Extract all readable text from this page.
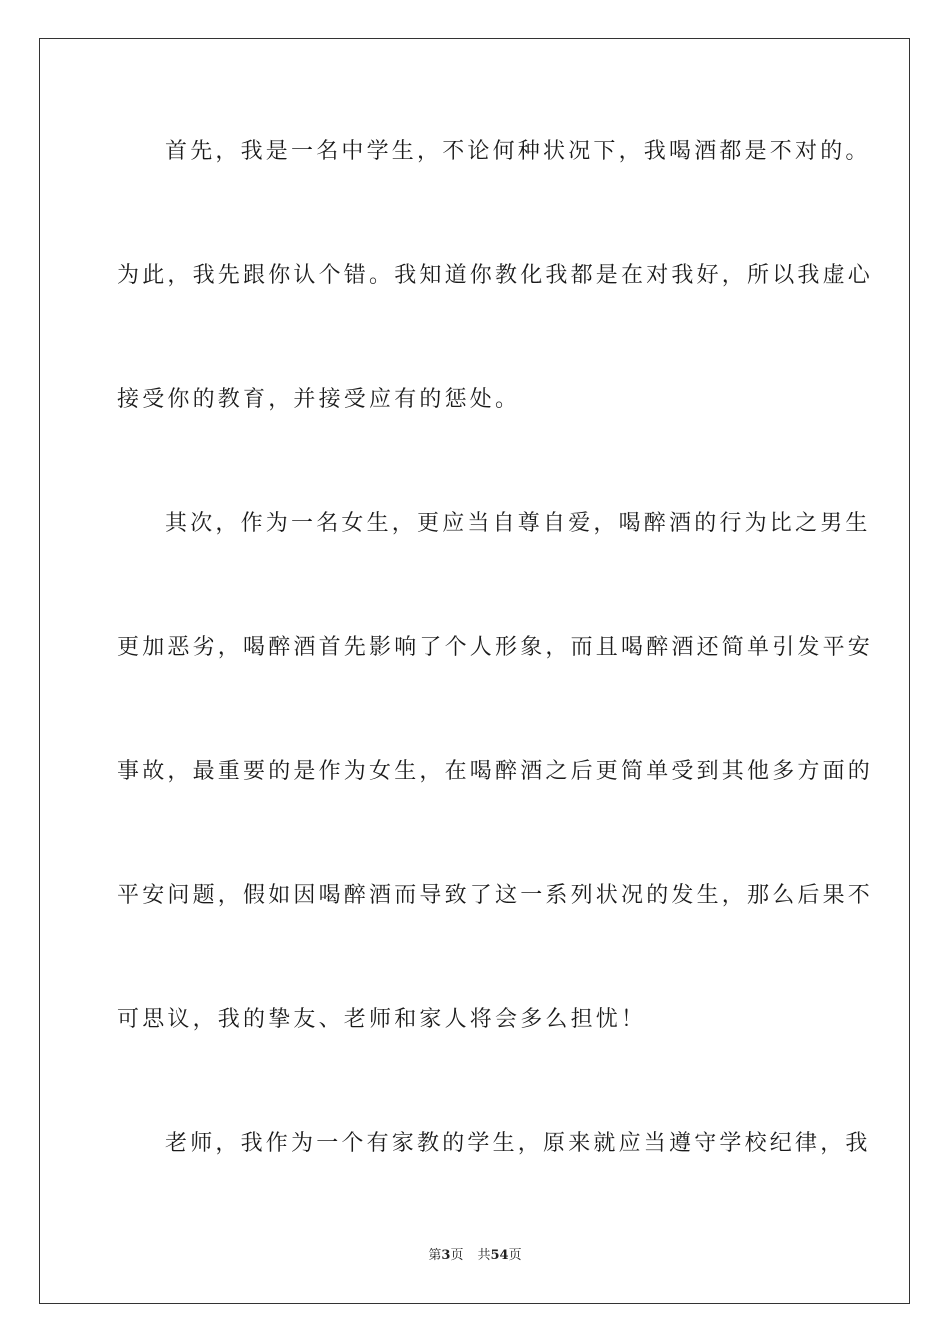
首先，我是一名中学生，不论何种状况下，我喝酒都是不对的。

为此，我先跟你认个错。我知道你教化我都是在对我好，所以我虚心

接受你的教育，并接受应有的惩处。

其次，作为一名女生，更应当自尊自爱，喝醉酒的行为比之男生

更加恶劣，喝醉酒首先影响了个人形象，而且喝醉酒还简单引发平安

事故，最重要的是作为女生，在喝醉酒之后更简单受到其他多方面的

平安问题，假如因喝醉酒而导致了这一系列状况的发生，那么后果不

可思议，我的挚友、老师和家人将会多么担忧！

老师，我作为一个有家教的学生，原来就应当遵守学校纪律，我

第3页 共54页
